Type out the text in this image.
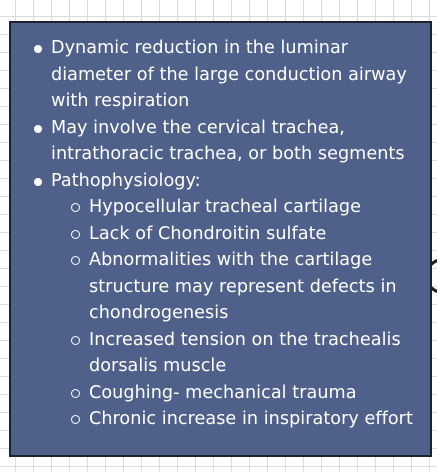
Dynamic reduction in the luminar diameter of the large conduction airway with respiration
May involve the cervical trachea, intrathoracic trachea, or both segments
Pathophysiology:
Hypocellular tracheal cartilage
Lack of Chondroitin sulfate
Abnormalities with the cartilage structure may represent defects in chondrogenesis
Increased tension on the trachealis dorsalis muscle
Coughing- mechanical trauma
Chronic increase in inspiratory effort
